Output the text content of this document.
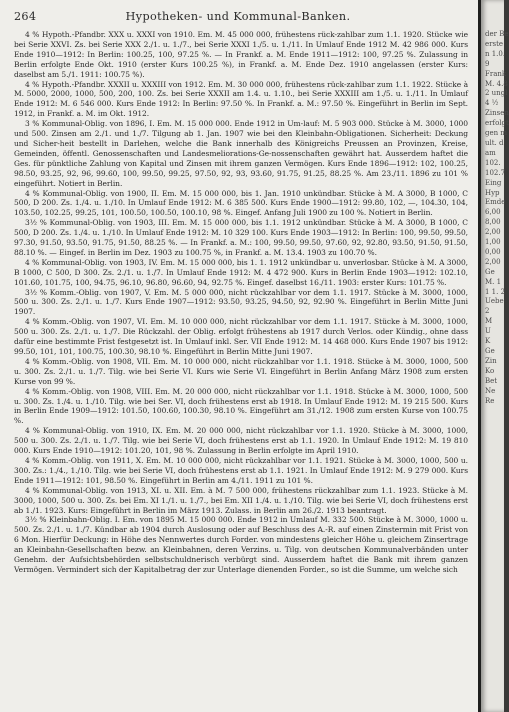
264	Hypotheken- und Kommunal-Banken.

4 % Hypoth.-Pfandbr. XXX u. XXXI von 1910. Em. M. 45 000 000, frühestens rück-zahlbar zum 1.1. 1920. Stücke wie bei Serie XXVI. Zs. bei Serie XXX 2./1. u. 1./7., bei Serie XXXI 1./5. u. 1./11. In Umlauf Ende 1912 M. 42 986 000. Kurs Ende 1910—1912: In Berlin: 100.25, 100, 97.25 %. — In Frankf. a. M. Ende 1911—1912: 100, 97.25 %. Zulassung in Berlin erfolgte Ende Okt. 1910 (erster Kurs 100.25 %), in Frankf. a. M. Ende Dez. 1910 angelassen (erster Kurs: daselbst am 5./1. 1911: 100.75 %).

4 % Hypoth.-Pfandbr. XXXII u. XXXIII von 1912. Em. M. 30 000 000, frühestens rück-zahlbar zum 1.1. 1922. Stücke à M. 5000, 2000, 1000, 500, 200, 100. Zs. bei Serie XXXII am 1.4. u. 1.10., bei Serie XXXIII am 1./5. u. 1./11. In Umlauf Ende 1912: M. 6 546 000. Kurs Ende 1912: In Berlin: 97.50 %. In Frankf. a. M.: 97.50 %. Eingeführt in Berlin im Sept. 1912, in Frankf. a. M. im Okt. 1912.

3 % Kommunal-Oblig. von 1896, I. Em. M. 15 000 000. Ende 1912 in Um-lauf: M. 5 903 000. Stücke à M. 3000, 1000 und 500. Zinsen am 2./1. und 1./7. Tilgung ab 1. Jan. 1907 wie bei den Kleinbahn-Obligationen. Sicherheit: Deckung und Sicher-heit bestellt in Darlehen, welche die Bank innerhalb des Königreichs Preussen an Provinzen, Kreise, Gemeinden, öffentl. Genossenschaften und Landesmeliorations-Ge-nossenschaften gewährt hat. Ausserdem haftet die Ges. für pünktliche Zahlung von Kapital und Zinsen mit ihrem ganzen Vermögen. Kurs Ende 1896—1912: 102, 100.25, 98.50, 93.25, 92, 96, 99.60, 100, 99.50, 99.25, 97.50, 92, 93, 93.60, 91.75, 91.25, 88.25 %. Am 23./11. 1896 zu 101 % eingeführt. Notiert in Berlin.

4 % Kommunal-Oblig. von 1900, II. Em. M. 15 000 000, bis 1. Jan. 1910 unkündbar. Stücke à M. A 3000, B 1000, C 500, D 200. Zs. 1./4. u. 1./10. In Umlauf Ende 1912: M. 6 385 500. Kurs Ende 1900—1912: 99.80, 102, —, 104.30, 104, 103.50, 102.25, 99.25, 101, 100.50, 100.50, 100.10, 98 %. Eingef. Anfang Juli 1900 zu 100 %. Notiert in Berlin.

3½ % Kommunal-Oblig. von 1903, III. Em. M. 15 000 000, bis 1.1. 1912 unkündbar. Stücke à M. A 3000, B 1000, C 500, D 200. Zs. 1./4. u. 1./10. In Umlauf Ende 1912: M. 10 329 100. Kurs Ende 1903—1912: In Berlin: 100, 99.50, 99.50, 97.30, 91.50, 93.50, 91.75, 91.50, 88.25 %. — In Frankf. a. M.: 100, 99.50, 99.50, 97.60, 92, 92.80, 93.50, 91.50, 91.50, 88.10 %. — Eingef. in Berlin im Dez. 1903 zu 100.75 %, in Frankf. a. M. 13.4. 1903 zu 100.70 %.

4 % Kommunal-Oblig. von 1903, IV. Em. M. 15 000 000, bis 1. 1. 1912 unkündbar u. unverlosbar. Stücke à M. A 3000, B 1000, C 500, D 300. Zs. 2./1. u. 1./7. In Umlauf Ende 1912: M. 4 472 900. Kurs in Berlin Ende 1903—1912: 102.10, 101.60, 101.75, 100, 94.75, 96.10, 96.80, 96.60, 94, 92.75 %. Eingef. daselbst 16./11. 1903: erster Kurs: 101.75 %.

3½ % Komm.-Oblig. von 1907, V. Em. M. 5 000 000, nicht rückzahlbar vor dem 1.1. 1917. Stücke à M. 3000, 1000, 500 u. 300. Zs. 2./1. u. 1./7. Kurs Ende 1907—1912: 93.50, 93.25, 94.50, 92, 92.90 %. Eingeführt in Berlin Mitte Juni 1907.

4 % Komm.-Oblig. von 1907, VI. Em. M. 10 000 000, nicht rückzahlbar vor dem 1.1. 1917. Stücke à M. 3000, 1000, 500 u. 300. Zs. 2./1. u. 1./7. Die Rückzahl. der Oblig. erfolgt frühestens ab 1917 durch Verlos. oder Kündig., ohne dass dafür eine bestimmte Frist festgesetzt ist. In Umlauf inkl. Ser. VII Ende 1912: M. 14 468 000. Kurs Ende 1907 bis 1912: 99.50, 101, 101, 100.75, 100.30, 98.10 %. Eingeführt in Berlin Mitte Juni 1907.

4 % Komm.-Oblig. von 1908, VII. Em. M. 10 000 000, nicht rückzahlbar vor 1.1. 1918. Stücke à M. 3000, 1000, 500 u. 300. Zs. 2./1. u. 1./7. Tilg. wie bei Serie VI. Kurs wie Serie VI. Eingeführt in Berlin Anfang März 1908 zum ersten Kurse von 99 %.

4 % Komm.-Oblig. von 1908, VIII. Em. M. 20 000 000, nicht rückzahlbar vor 1.1. 1918. Stücke à M. 3000, 1000, 500 u. 300. Zs. 1./4. u. 1./10. Tilg. wie bei Ser. VI, doch frühestens erst ab 1918. In Umlauf Ende 1912: M. 19 215 500. Kurs in Berlin Ende 1909—1912: 101.50, 100.60, 100.30, 98.10 %. Eingeführt am 31./12. 1908 zum ersten Kurse von 100.75 %.

4 % Kommunal-Oblig. von 1910, IX. Em. M. 20 000 000, nicht rückzahlbar vor 1.1. 1920. Stücke à M. 3000, 1000, 500 u. 300. Zs. 2./1. u. 1./7. Tilg. wie bei Serie VI, doch frühestens erst ab 1.1. 1920. In Umlauf Ende 1912: M. 19 810 000. Kurs Ende 1910—1912: 101.20, 101, 98 %. Zulassung in Berlin erfolgte im April 1910.

4 % Komm.-Oblig. von 1911, X. Em. M. 10 000 000, nicht rückzahlbar vor 1.1. 1921. Stücke à M. 3000, 1000, 500 u. 300. Zs.: 1./4., 1./10. Tilg. wie bei Serie VI, doch frühestens erst ab 1.1. 1921. In Umlauf Ende 1912: M. 9 279 000. Kurs Ende 1911—1912: 101, 98.50 %. Eingeführt in Berlin am 4./11. 1911 zu 101 %.

4 % Kommunal-Oblig. von 1913, XI. u. XII. Em. à M. 7 500 000, frühestens rückzahlbar zum 1.1. 1923. Stücke à M. 3000, 1000, 500 u. 300. Zs. bei Em. XI 1./1. u. 1./7., bei Em. XII 1./4. u. 1./10. Tilg. wie bei Serie VI, doch frühestens erst ab 1./1. 1923. Kurs: Eingeführt in Berlin im März 1913. Zulass. in Berlin am 26./2. 1913 beantragt.

3½ % Kleinbahn-Oblig. I. Em. von 1895 M. 15 000 000. Ende 1912 in Umlauf M. 332 500. Stücke à M. 3000, 1000 u. 500. Zs. 2./1. u. 1./7. Kündbar ab 1904 durch Auslosung oder auf Beschluss des A.-R. auf einen Zinstermin mit Frist von 6 Mon. Hierfür Deckung: in Höhe des Nennwertes durch Forder. von mindestens gleicher Höhe u. gleichem Zinsertrage an Kleinbahn-Gesellschaften bezw. an Kleinbahnen, deren Verzins. u. Tilg. von deutschen Kommunalverbänden unter Genehm. der Aufsichtsbehörden selbstschuldnerisch verbürgt sind. Ausserdem haftet die Bank mit ihrem ganzen Vermögen. Vermindert sich der Kapitalbetrag der zur Unterlage dienenden Forder., so ist die Summe, um welche sich

der Be
erste
n 1.0.
9
Frank
M. 4.8
2 ungl
4 ½
Zinsen
erfolgt
gen m
ult. d
am
102.
102.7
Eing
Hyp
Emde
6,00
8,00
2,00
1,00
0,00
2,00
Ge
M. 1
1 1. 2
Uebe
2
M
U
K
Ge
Zin
Ko
Bet
Ne
Re
